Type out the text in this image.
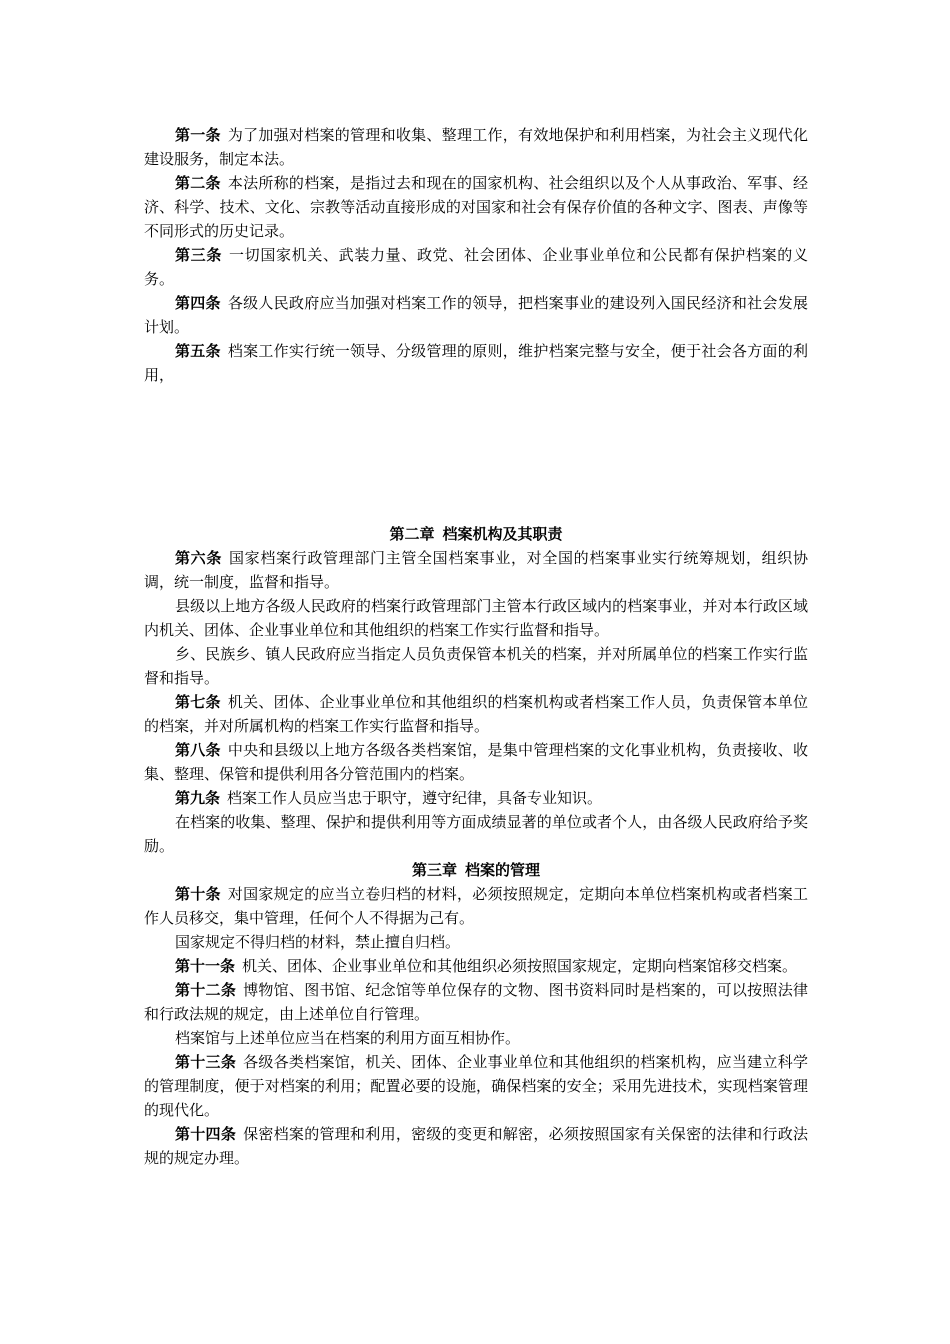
第一条 为了加强对档案的管理和收集、整理工作，有效地保护和利用档案，为社会主义现代化建设服务，制定本法。

第二条 本法所称的档案，是指过去和现在的国家机构、社会组织以及个人从事政治、军事、经济、科学、技术、文化、宗教等活动直接形成的对国家和社会有保存价值的各种文字、图表、声像等不同形式的历史记录。

第三条 一切国家机关、武装力量、政党、社会团体、企业事业单位和公民都有保护档案的义务。

第四条 各级人民政府应当加强对档案工作的领导，把档案事业的建设列入国民经济和社会发展计划。

第五条 档案工作实行统一领导、分级管理的原则，维护档案完整与安全，便于社会各方面的利用，

第二章 档案机构及其职责

第六条 国家档案行政管理部门主管全国档案事业，对全国的档案事业实行统筹规划，组织协调，统一制度，监督和指导。

县级以上地方各级人民政府的档案行政管理部门主管本行政区域内的档案事业，并对本行政区域内机关、团体、企业事业单位和其他组织的档案工作实行监督和指导。

乡、民族乡、镇人民政府应当指定人员负责保管本机关的档案，并对所属单位的档案工作实行监督和指导。

第七条 机关、团体、企业事业单位和其他组织的档案机构或者档案工作人员，负责保管本单位的档案，并对所属机构的档案工作实行监督和指导。

第八条 中央和县级以上地方各级各类档案馆，是集中管理档案的文化事业机构，负责接收、收集、整理、保管和提供利用各分管范围内的档案。

第九条 档案工作人员应当忠于职守，遵守纪律，具备专业知识。

在档案的收集、整理、保护和提供利用等方面成绩显著的单位或者个人，由各级人民政府给予奖励。

第三章 档案的管理

第十条 对国家规定的应当立卷归档的材料，必须按照规定，定期向本单位档案机构或者档案工作人员移交，集中管理，任何个人不得据为己有。

国家规定不得归档的材料，禁止擅自归档。

第十一条 机关、团体、企业事业单位和其他组织必须按照国家规定，定期向档案馆移交档案。

第十二条 博物馆、图书馆、纪念馆等单位保存的文物、图书资料同时是档案的，可以按照法律和行政法规的规定，由上述单位自行管理。

档案馆与上述单位应当在档案的利用方面互相协作。

第十三条 各级各类档案馆，机关、团体、企业事业单位和其他组织的档案机构，应当建立科学的管理制度，便于对档案的利用；配置必要的设施，确保档案的安全；采用先进技术，实现档案管理的现代化。

第十四条 保密档案的管理和利用，密级的变更和解密，必须按照国家有关保密的法律和行政法规的规定办理。
